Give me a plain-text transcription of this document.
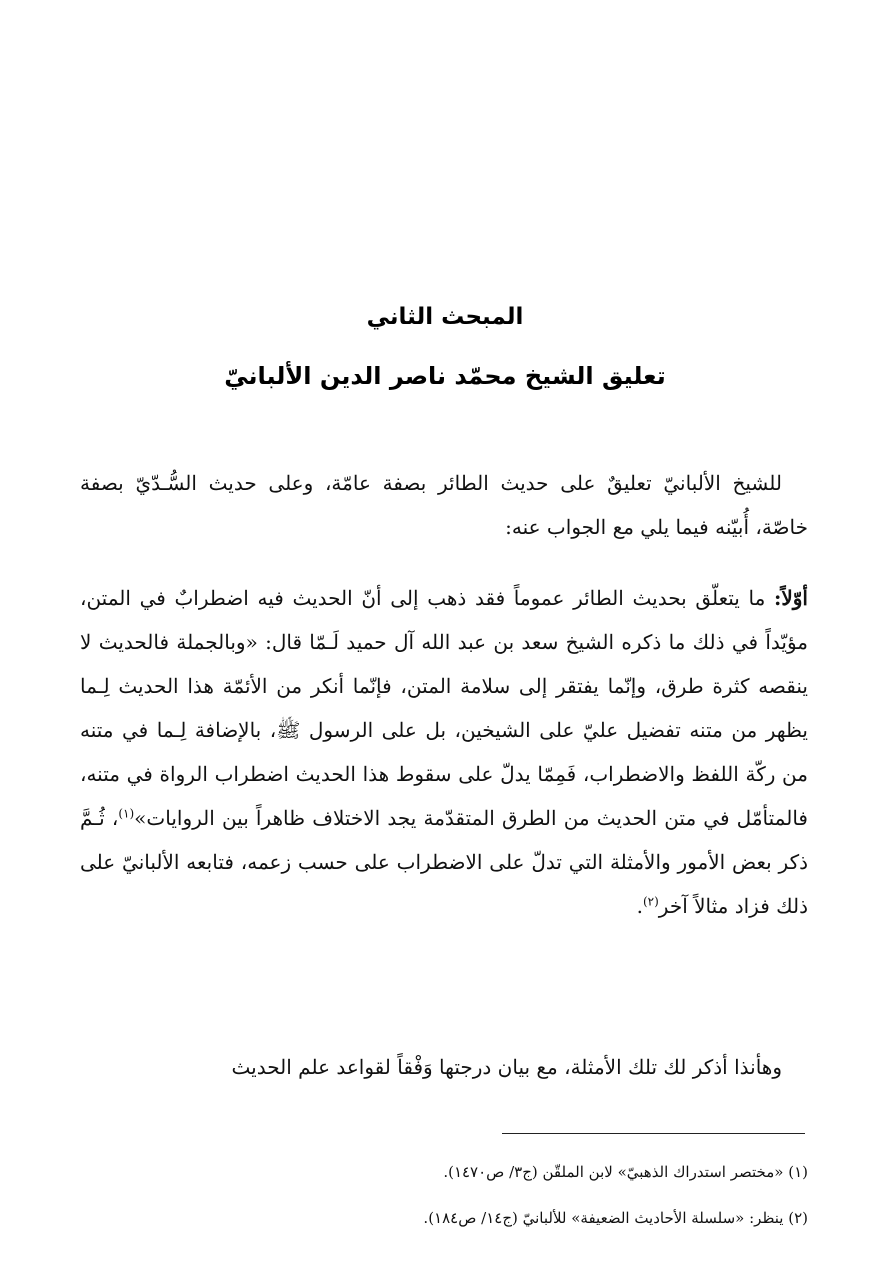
المبحث الثاني
تعليق الشيخ محمّد ناصر الدين الألبانيّ
للشيخ الألبانيّ تعليقٌ على حديث الطائر بصفة عامّة، وعلى حديث السُّـدّيّ بصفة خاصّة، أُبيّنه فيما يلي مع الجواب عنه:
أوّلاً: ما يتعلّق بحديث الطائر عموماً فقد ذهب إلى أنّ الحديث فيه اضطرابٌ في المتن، مؤيّداً في ذلك ما ذكره الشيخ سعد بن عبد الله آل حميد لَـمّا قال: «وبالجملة فالحديث لا ينقصه كثرة طرق، وإنّما يفتقر إلى سلامة المتن، فإنّما أنكر من الأئمّة هذا الحديث لِـما يظهر من متنه تفضيل عليّ على الشيخين، بل على الرسول ﷺ، بالإضافة لِـما في متنه من ركّة اللفظ والاضطراب، فَمِمّا يدلّ على سقوط هذا الحديث اضطراب الرواة في متنه، فالمتأمّل في متن الحديث من الطرق المتقدّمة يجد الاختلاف ظاهراً بين الروايات»$^{(١)}$، ثُـمَّ ذكر بعض الأمور والأمثلة التي تدلّ على الاضطراب على حسب زعمه، فتابعه الألبانيّ على ذلك فزاد مثالاً آخر$^{(٢)}$.
وهأنذا أذكر لك تلك الأمثلة، مع بيان درجتها وَفْقاً لقواعد علم الحديث
(١) «مختصر استدراك الذهبيّ» لابن الملقّن (ج٣/ ص١٤٧٠).
(٢) ينظر: «سلسلة الأحاديث الضعيفة» للألبانيّ (ج١٤/ ص١٨٤).
